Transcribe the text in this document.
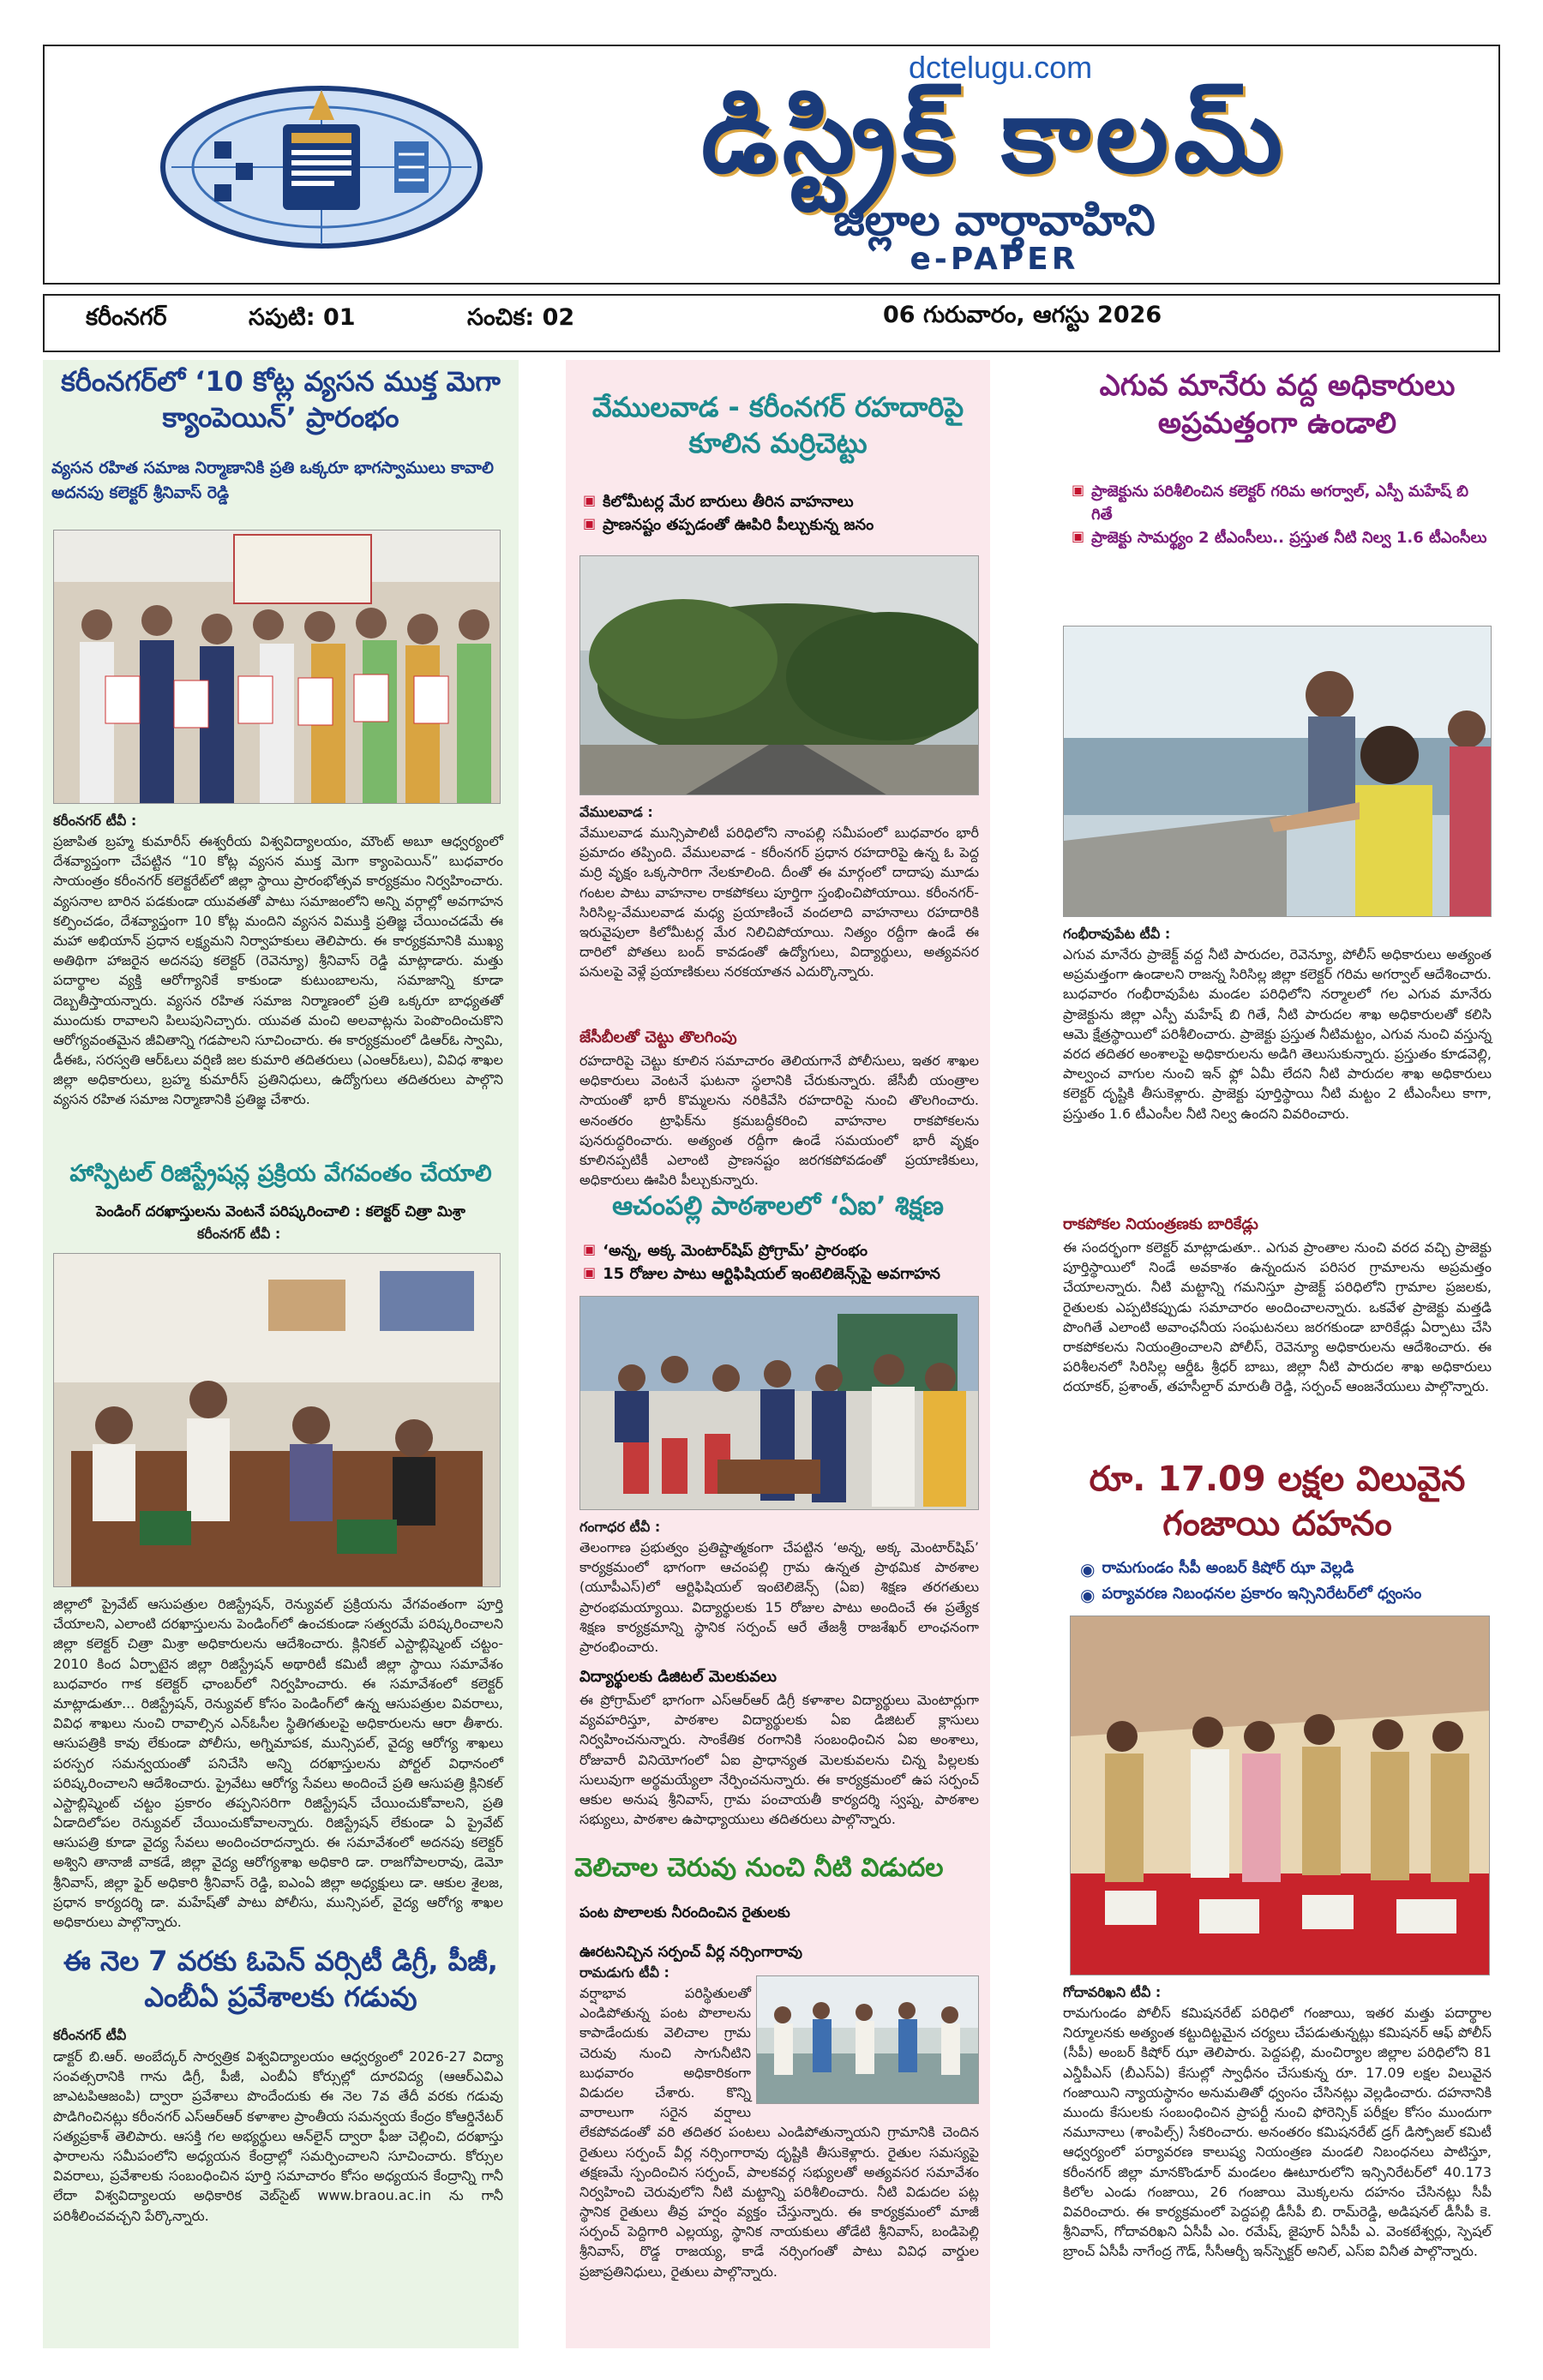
dctelugu.com
డిస్ట్రిక్ కాలమ్
జిల్లాల వార్తావాహిని
e-PAPER
కరీంనగర్	సపుటి: 01	సంచిక: 02	06 గురువారం, ఆగస్టు 2026
కరీంనగర్‌లో ‘10 కోట్ల వ్యసన ముక్త మెగా క్యాంపెయిన్’ ప్రారంభం
వ్యసన రహిత సమాజ నిర్మాణానికి ప్రతి ఒక్కరూ భాగస్వాములు కావాలి అదనపు కలెక్టర్ శ్రీనివాస్ రెడ్డి
కరీంనగర్ టీవీ :
ప్రజాపిత బ్రహ్మ కుమారీస్ ఈశ్వరీయ విశ్వవిద్యాలయం, మౌంట్ అబూ ఆధ్వర్యంలో దేశవ్యాప్తంగా చేపట్టిన “10 కోట్ల వ్యసన ముక్త మెగా క్యాంపెయిన్” బుధవారం సాయంత్రం కరీంనగర్ కలెక్టరేట్‌లో జిల్లా స్థాయి ప్రారంభోత్సవ కార్యక్రమం నిర్వహించారు. వ్యసనాల బారిన పడకుండా యువతతో పాటు సమాజంలోని అన్ని వర్గాల్లో అవగాహన కల్పించడం, దేశవ్యాప్తంగా 10 కోట్ల మందిని వ్యసన విముక్తి ప్రతిజ్ఞ చేయించడమే ఈ మహా అభియాన్ ప్రధాన లక్ష్యమని నిర్వాహకులు తెలిపారు. ఈ కార్యక్రమానికి ముఖ్య అతిథిగా హాజరైన అదనపు కలెక్టర్ (రెవెన్యూ) శ్రీనివాస్ రెడ్డి మాట్లాడారు. మత్తు పదార్థాల వ్యక్తి ఆరోగ్యానికే కాకుండా కుటుంబాలను, సమాజాన్ని కూడా దెబ్బతీస్తాయన్నారు. వ్యసన రహిత సమాజ నిర్మాణంలో ప్రతి ఒక్కరూ బాధ్యతతో ముందుకు రావాలని పిలుపునిచ్చారు. యువత మంచి అలవాట్లను పెంపొందించుకొని ఆరోగ్యవంతమైన జీవితాన్ని గడపాలని సూచించారు. ఈ కార్యక్రమంలో డిఆర్ఓ స్వామి, డీఈఓ, సరస్వతి ఆర్‌ఓలు వర్షిణి జల కుమారి తదితరులు (ఎంఆర్ఓలు), వివిధ శాఖల జిల్లా అధికారులు, బ్రహ్మ కుమారీస్ ప్రతినిధులు, ఉద్యోగులు తదితరులు పాల్గొని వ్యసన రహిత సమాజ నిర్మాణానికి ప్రతిజ్ఞ చేశారు.
హాస్పిటల్ రిజిస్ట్రేషన్ల ప్రక్రియ వేగవంతం చేయాలి
పెండింగ్ దరఖాస్తులను వెంటనే పరిష్కరించాలి : కలెక్టర్ చిత్రా మిశ్రా
కరీంనగర్ టీవీ :
జిల్లాలో ప్రైవేట్ ఆసుపత్రుల రిజిస్ట్రేషన్, రెన్యువల్ ప్రక్రియను వేగవంతంగా పూర్తి చేయాలని, ఎలాంటి దరఖాస్తులను పెండింగ్‌లో ఉంచకుండా సత్వరమే పరిష్కరించాలని జిల్లా కలెక్టర్ చిత్రా మిశ్రా అధికారులను ఆదేశించారు. క్లినికల్ ఎస్టాబ్లిష్మెంట్ చట్టం- 2010 కింద ఏర్పాటైన జిల్లా రిజిస్ట్రేషన్ అథారిటీ కమిటీ జిల్లా స్థాయి సమావేశం బుధవారం గాక కలెక్టర్ ఛాంబర్‌లో నిర్వహించారు. ఈ సమావేశంలో కలెక్టర్ మాట్లాడుతూ... రిజిస్ట్రేషన్, రెన్యువల్ కోసం పెండింగ్‌లో ఉన్న ఆసుపత్రుల వివరాలు, వివిధ శాఖలు నుంచి రావాల్సిన ఎన్ఓసీల స్థితిగతులపై అధికారులను ఆరా తీశారు. ఆసుపత్రికి కావు లేకుండా పోలీసు, అగ్నిమాపక, మున్సిపల్, వైద్య ఆరోగ్య శాఖలు పరస్పర సమన్వయంతో పనిచేసి అన్ని దరఖాస్తులను పోర్టల్ విధానంలో పరిష్కరించాలని ఆదేశించారు. ప్రైవేటు ఆరోగ్య సేవలు అందించే ప్రతి ఆసుపత్రి క్లినికల్ ఎస్టాబ్లిష్మెంట్ చట్టం ప్రకారం తప్పనిసరిగా రిజిస్ట్రేషన్ చేయించుకోవాలని, ప్రతి ఏడాదిలోపల రెన్యువల్ చేయించుకోవాలన్నారు. రిజిస్ట్రేషన్ లేకుండా ఏ ప్రైవేట్ ఆసుపత్రి కూడా వైద్య సేవలు అందించరాదన్నారు. ఈ సమావేశంలో అదనపు కలెక్టర్ అశ్విని తానాజీ వాకడే, జిల్లా వైద్య ఆరోగ్యశాఖ అధికారి డా. రాజగోపాలరావు, డెమో శ్రీనివాస్, జిల్లా ఫైర్ అధికారి శ్రీనివాస్ రెడ్డి, ఐఎంఏ జిల్లా అధ్యక్షులు డా. ఆకుల శైలజ, ప్రధాన కార్యదర్శి డా. మహేష్‌తో పాటు పోలీసు, మున్సిపల్, వైద్య ఆరోగ్య శాఖల అధికారులు పాల్గొన్నారు.
ఈ నెల 7 వరకు ఓపెన్ వర్సిటీ డిగ్రీ, పీజీ, ఎంబీఏ ప్రవేశాలకు గడువు
కరీంనగర్ టీవీ
డాక్టర్ బి.ఆర్. అంబేద్కర్ సార్వత్రిక విశ్వవిద్యాలయం ఆధ్వర్యంలో 2026-27 విద్యా సంవత్సరానికి గాను డిగ్రీ, పీజీ, ఎంబీఏ కోర్సుల్లో దూరవిద్య (ఆఆర్ఎవిఎ జాఎటపిఆజంపి) ద్వారా ప్రవేశాలు పొందేందుకు ఈ నెల 7వ తేదీ వరకు గడువు పొడిగించినట్లు కరీంనగర్ ఎస్ఆర్ఆర్ కళాశాల ప్రాంతీయ సమన్వయ కేంద్రం కోఆర్డినేటర్ సత్యప్రకాశ్ తెలిపారు. ఆసక్తి గల అభ్యర్థులు ఆన్‌లైన్ ద్వారా ఫీజు చెల్లించి, దరఖాస్తు ఫారాలను సమీపంలోని అధ్యయన కేంద్రాల్లో సమర్పించాలని సూచించారు. కోర్సుల వివరాలు, ప్రవేశాలకు సంబంధించిన పూర్తి సమాచారం కోసం అధ్యయన కేంద్రాన్ని గానీ లేదా విశ్వవిద్యాలయ అధికారిక వెబ్‌సైట్ www.braou.ac.in ను గానీ పరిశీలించవచ్చని పేర్కొన్నారు.
వేములవాడ - కరీంనగర్ రహదారిపై కూలిన మర్రిచెట్టు
▣ కిలోమీటర్ల మేర బారులు తీరిన వాహనాలు
▣ ప్రాణనష్టం తప్పడంతో ఊపిరి పీల్చుకున్న జనం
వేములవాడ :
వేములవాడ మున్సిపాలిటీ పరిధిలోని నాంపల్లి సమీపంలో బుధవారం భారీ ప్రమాదం తప్పింది. వేములవాడ - కరీంనగర్ ప్రధాన రహదారిపై ఉన్న ఓ పెద్ద మర్రి వృక్షం ఒక్కసారిగా నేలకూలింది. దీంతో ఈ మార్గంలో దాదాపు మూడు గంటల పాటు వాహనాల రాకపోకలు పూర్తిగా స్తంభించిపోయాయి. కరీంనగర్-సిరిసిల్ల-వేములవాడ మధ్య ప్రయాణించే వందలాది వాహనాలు రహదారికి ఇరువైపులా కిలోమీటర్ల మేర నిలిచిపోయాయి. నిత్యం రద్దీగా ఉండే ఈ దారిలో పోతలు బంద్ కావడంతో ఉద్యోగులు, విద్యార్థులు, అత్యవసర పనులపై వెళ్లే ప్రయాణికులు నరకయాతన ఎదుర్కొన్నారు.
జేసీబీలతో చెట్టు తొలగింపు
రహదారిపై చెట్టు కూలిన సమాచారం తెలియగానే పోలీసులు, ఇతర శాఖల అధికారులు వెంటనే ఘటనా స్థలానికి చేరుకున్నారు. జేసీబీ యంత్రాల సాయంతో భారీ కొమ్మలను నరికివేసి రహదారిపై నుంచి తొలగించారు. అనంతరం ట్రాఫిక్‌ను క్రమబద్ధీకరించి వాహనాల రాకపోకలను పునరుద్ధరించారు. అత్యంత రద్దీగా ఉండే సమయంలో భారీ వృక్షం కూలినప్పటికీ ఎలాంటి ప్రాణనష్టం జరగకపోవడంతో ప్రయాణికులు, అధికారులు ఊపిరి పీల్చుకున్నారు.
ఆచంపల్లి పాఠశాలలో ‘ఏఐ’ శిక్షణ
▣ ‘అన్న, అక్క మెంటార్‌షిప్ ప్రోగ్రామ్’ ప్రారంభం
▣ 15 రోజుల పాటు ఆర్టిఫిషియల్ ఇంటెలిజెన్స్‌పై అవగాహన
గంగాధర టీవీ :
తెలంగాణ ప్రభుత్వం ప్రతిష్టాత్మకంగా చేపట్టిన ‘అన్న, అక్క మెంటార్‌షిప్’ కార్యక్రమంలో భాగంగా ఆచంపల్లి గ్రామ ఉన్నత ప్రాథమిక పాఠశాల (యూపీఎస్)లో ఆర్టిఫిషియల్ ఇంటెలిజెన్స్ (ఏఐ) శిక్షణ తరగతులు ప్రారంభమయ్యాయి. విద్యార్థులకు 15 రోజుల పాటు అందించే ఈ ప్రత్యేక శిక్షణ కార్యక్రమాన్ని స్థానిక సర్పంచ్ ఆరే తేజశ్రీ రాజశేఖర్ లాంఛనంగా ప్రారంభించారు.
విద్యార్థులకు డిజిటల్ మెలకువలు
ఈ ప్రోగ్రామ్‌లో భాగంగా ఎస్ఆర్ఆర్ డిగ్రీ కళాశాల విద్యార్థులు మెంటార్లుగా వ్యవహరిస్తూ, పాఠశాల విద్యార్థులకు ఏఐ డిజిటల్ క్లాసులు నిర్వహించనున్నారు. సాంకేతిక రంగానికి సంబంధించిన ఏఐ అంశాలు, రోజువారీ వినియోగంలో ఏఐ ప్రాధాన్యత మెలకువలను చిన్న పిల్లలకు సులువుగా అర్థమయ్యేలా నేర్పించనున్నారు. ఈ కార్యక్రమంలో ఉప సర్పంచ్ ఆకుల అనుష శ్రీనివాస్, గ్రామ పంచాయతీ కార్యదర్శి స్వప్న, పాఠశాల సభ్యులు, పాఠశాల ఉపాధ్యాయులు తదితరులు పాల్గొన్నారు.
వెలిచాల చెరువు నుంచి నీటి విడుదల
పంట పొలాలకు నీరందించిన రైతులకు
ఊరటనిచ్చిన సర్పంచ్ వీర్ల నర్సింగారావు
రామడుగు టీవీ :
వర్షాభావ పరిస్థితులతో ఎండిపోతున్న పంట పొలాలను కాపాడేందుకు వెలిచాల గ్రామ చెరువు నుంచి సాగునీటిని బుధవారం అధికారికంగా విడుదల చేశారు. కొన్ని వారాలుగా సరైన వర్షాలు లేకపోవడంతో వరి తదితర పంటలు ఎండిపోతున్నాయని గ్రామానికి చెందిన రైతులు సర్పంచ్ వీర్ల నర్సింగారావు దృష్టికి తీసుకెళ్లారు. రైతుల సమస్యపై తక్షణమే స్పందించిన సర్పంచ్, పాలకవర్గ సభ్యులతో అత్యవసర సమావేశం నిర్వహించి చెరువులోని నీటి మట్టాన్ని పరిశీలించారు. నీటి విడుదల పట్ల స్థానిక రైతులు తీవ్ర హర్షం వ్యక్తం చేస్తున్నారు. ఈ కార్యక్రమంలో మాజీ సర్పంచ్ పెద్దిగారి ఎల్లయ్య, స్థానిక నాయకులు తోడేటి శ్రీనివాస్, బండిపెల్లి శ్రీనివాస్, రొడ్డ రాజయ్య, కాడే నర్సింగంతో పాటు వివిధ వార్డుల ప్రజాప్రతినిధులు, రైతులు పాల్గొన్నారు.
ఎగువ మానేరు వద్ద అధికారులు అప్రమత్తంగా ఉండాలి
▣ ప్రాజెక్టును పరిశీలించిన కలెక్టర్ గరిమ అగర్వాల్, ఎస్పీ మహేష్ బి గితే
▣ ప్రాజెక్టు సామర్థ్యం 2 టీఎంసీలు.. ప్రస్తుత నీటి నిల్వ 1.6 టీఎంసీలు
గంభీరావుపేట టీవీ :
ఎగువ మానేరు ప్రాజెక్ట్ వద్ద నీటి పారుదల, రెవెన్యూ, పోలీస్ అధికారులు అత్యంత అప్రమత్తంగా ఉండాలని రాజన్న సిరిసిల్ల జిల్లా కలెక్టర్ గరిమ అగర్వాల్ ఆదేశించారు. బుధవారం గంభీరావుపేట మండల పరిధిలోని నర్మాలలో గల ఎగువ మానేరు ప్రాజెక్టును జిల్లా ఎస్పీ మహేష్ బి గితే, నీటి పారుదల శాఖ అధికారులతో కలిసి ఆమె క్షేత్రస్థాయిలో పరిశీలించారు. ప్రాజెక్టు ప్రస్తుత నీటిమట్టం, ఎగువ నుంచి వస్తున్న వరద తదితర అంశాలపై అధికారులను అడిగి తెలుసుకున్నారు. ప్రస్తుతం కూడవెల్లి, పాల్వంచ వాగుల నుంచి ఇన్ ఫ్లో ఏమీ లేదని నీటి పారుదల శాఖ అధికారులు కలెక్టర్ దృష్టికి తీసుకెళ్లారు. ప్రాజెక్టు పూర్తిస్థాయి నీటి మట్టం 2 టీఎంసీలు కాగా, ప్రస్తుతం 1.6 టీఎంసీల నీటి నిల్వ ఉందని వివరించారు.
రాకపోకల నియంత్రణకు బారికేడ్లు
ఈ సందర్భంగా కలెక్టర్ మాట్లాడుతూ.. ఎగువ ప్రాంతాల నుంచి వరద వచ్చి ప్రాజెక్టు పూర్తిస్థాయిలో నిండే అవకాశం ఉన్నందున పరిసర గ్రామాలను అప్రమత్తం చేయాలన్నారు. నీటి మట్టాన్ని గమనిస్తూ ప్రాజెక్ట్ పరిధిలోని గ్రామాల ప్రజలకు, రైతులకు ఎప్పటికప్పుడు సమాచారం అందించాలన్నారు. ఒకవేళ ప్రాజెక్టు మత్తడి పొంగితే ఎలాంటి అవాంఛనీయ సంఘటనలు జరగకుండా బారికేడ్లు ఏర్పాటు చేసి రాకపోకలను నియంత్రించాలని పోలీస్, రెవెన్యూ అధికారులను ఆదేశించారు. ఈ పరిశీలనలో సిరిసిల్ల ఆర్డీఓ శ్రీధర్ బాబు, జిల్లా నీటి పారుదల శాఖ అధికారులు దయాకర్, ప్రశాంత్, తహసీల్దార్ మారుతీ రెడ్డి, సర్పంచ్ ఆంజనేయులు పాల్గొన్నారు.
రూ. 17.09 లక్షల విలువైన గంజాయి దహనం
◉ రామగుండం సీపీ అంబర్ కిషోర్ ఝా వెల్లడి
◉ పర్యావరణ నిబంధనల ప్రకారం ఇన్సినిరేటర్‌లో ధ్వంసం
గోదావరిఖని టీవీ :
రామగుండం పోలీస్ కమిషనరేట్ పరిధిలో గంజాయి, ఇతర మత్తు పదార్థాల నిర్మూలనకు అత్యంత కట్టుదిట్టమైన చర్యలు చేపడుతున్నట్లు కమిషనర్ ఆఫ్ పోలీస్ (సీపీ) అంబర్ కిషోర్ ఝా తెలిపారు. పెద్దపల్లి, మంచిర్యాల జిల్లాల పరిధిలోని 81 ఎన్డీపీఎస్ (బీఎస్‌ఏ) కేసుల్లో స్వాధీనం చేసుకున్న రూ. 17.09 లక్షల విలువైన గంజాయిని న్యాయస్థానం అనుమతితో ధ్వంసం చేసినట్లు వెల్లడించారు. దహనానికి ముందు కేసులకు సంబంధించిన ప్రాపర్టీ నుంచి ఫోరెన్సిక్ పరీక్షల కోసం ముందుగా నమూనాలు (శాంపిల్స్) సేకరించారు. అనంతరం కమిషనరేట్ డ్రగ్ డిస్పోజల్ కమిటీ ఆధ్వర్యంలో పర్యావరణ కాలుష్య నియంత్రణ మండలి నిబంధనలు పాటిస్తూ, కరీంనగర్ జిల్లా మానకొండూర్ మండలం ఊటూరులోని ఇన్సినిరేటర్‌లో 40.173 కిలోల ఎండు గంజాయి, 26 గంజాయి మొక్కలను దహనం చేసినట్లు సీపీ వివరించారు. ఈ కార్యక్రమంలో పెద్దపల్లి డీసీపీ బి. రామ్‌రెడ్డి, అడిషనల్ డీసీపీ కె. శ్రీనివాస్, గోదావరిఖని ఏసీపీ ఎం. రమేష్, జైపూర్ ఏసీపీ ఎ. వెంకటేశ్వర్లు, స్పెషల్ బ్రాంచ్ ఏసీపీ నాగేంద్ర గౌడ్, సీసీఆర్బీ ఇన్‌స్పెక్టర్ అనిల్, ఎస్ఐ వినీత పాల్గొన్నారు.
